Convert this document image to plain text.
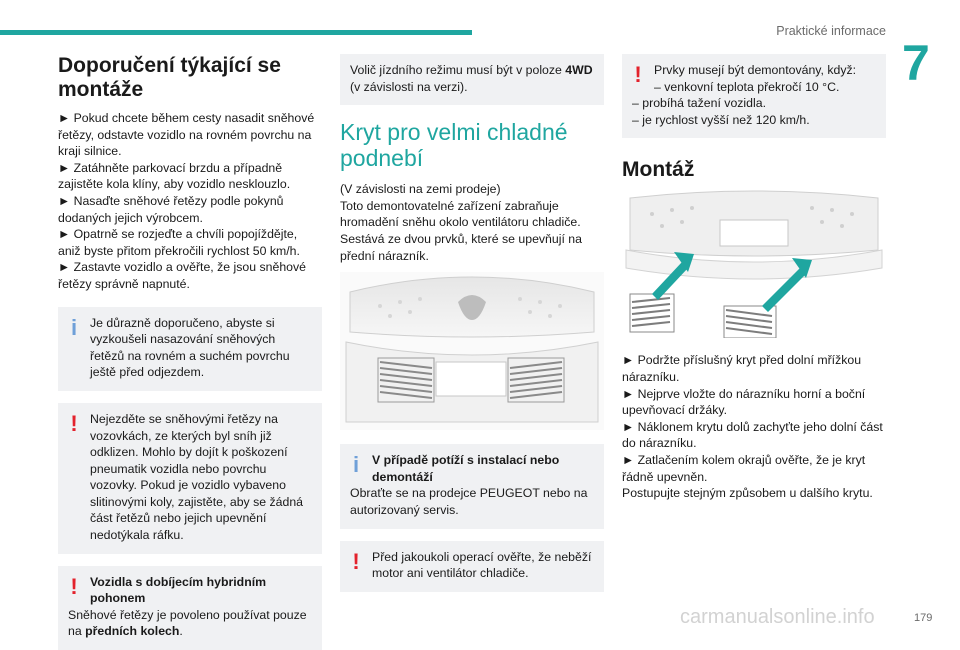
Praktické informace
7
179
Doporučení týkající se montáže

► Pokud chcete během cesty nasadit sněhové řetězy, odstavte vozidlo na rovném povrchu na kraji silnice.

► Zatáhněte parkovací brzdu a případně zajistěte kola klíny, aby vozidlo nesklouzlo.

► Nasaďte sněhové řetězy podle pokynů dodaných jejich výrobcem.

► Opatrně se rozjeďte a chvíli popojíždějte, aniž byste přitom překročili rychlost 50 km/h.

► Zastavte vozidlo a ověřte, že jsou sněhové řetězy správně napnuté.

i	Je důrazně doporučeno, abyste si vyzkoušeli nasazování sněhových řetězů na rovném a suchém povrchu ještě před odjezdem.

!	Nejezděte se sněhovými řetězy na vozovkách, ze kterých byl sníh již odklizen. Mohlo by dojít k poškození pneumatik vozidla nebo povrchu vozovky. Pokud je vozidlo vybaveno slitinovými koly, zajistěte, aby se žádná část řetězů nebo jejich upevnění nedotýkala ráfku.

!	Vozidla s dobíjecím hybridním pohonem

Sněhové řetězy je povoleno používat pouze na předních kolech.

Volič jízdního režimu musí být v poloze 4WD (v závislosti na verzi).

Kryt pro velmi chladné podnebí

(V závislosti na zemi prodeje)

Toto demontovatelné zařízení zabraňuje hromadění sněhu okolo ventilátoru chladiče. Sestává ze dvou prvků, které se upevňují na přední nárazník.

i	V případě potíží s instalací nebo demontáží

Obraťte se na prodejce PEUGEOT nebo na autorizovaný servis.

!	Před jakoukoli operací ověřte, že neběží motor ani ventilátor chladiče.

!	Prvky musejí být demontovány, když:

– venkovní teplota překročí 10 °C.

– probíhá tažení vozidla.

– je rychlost vyšší než 120 km/h.

Montáž

► Podržte příslušný kryt před dolní mřížkou nárazníku.

► Nejprve vložte do nárazníku horní a boční upevňovací držáky.

► Náklonem krytu dolů zachyťte jeho dolní část do nárazníku.

► Zatlačením kolem okrajů ověřte, že je kryt řádně upevněn.

Postupujte stejným způsobem u dalšího krytu.

carmanualsonline.info
